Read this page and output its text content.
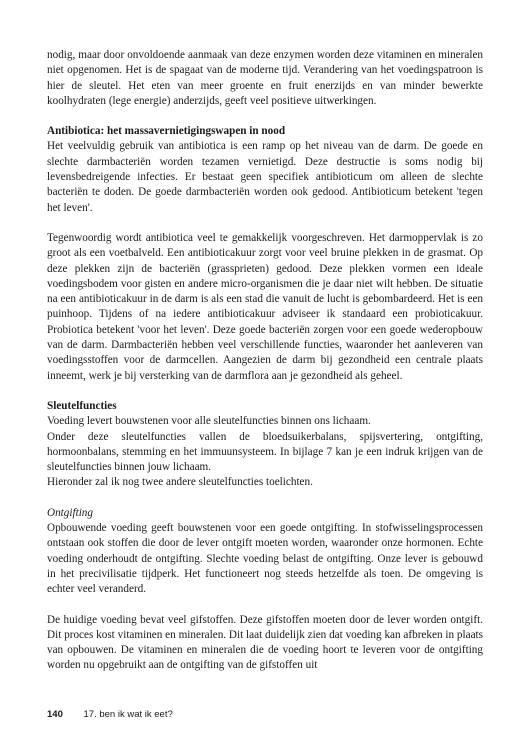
nodig, maar door onvoldoende aanmaak van deze enzymen worden deze vitaminen en mineralen niet opgenomen. Het is de spagaat van de moderne tijd. Verandering van het voedingspatroon is hier de sleutel. Het eten van meer groente en fruit enerzijds en van minder bewerkte koolhydraten (lege energie) anderzijds, geeft veel positieve uitwerkingen.

Antibiotica: het massavernietigingswapen in nood

Het veelvuldig gebruik van antibiotica is een ramp op het niveau van de darm. De goede en slechte darmbacteriën worden tezamen vernietigd. Deze destructie is soms nodig bij levensbedreigende infecties. Er bestaat geen specifiek antibioticum om alleen de slechte bacteriën te doden. De goede darmbacteriën worden ook gedood. Antibioticum betekent 'tegen het leven'.

Tegenwoordig wordt antibiotica veel te gemakkelijk voorgeschreven. Het darmoppervlak is zo groot als een voetbalveld. Een antibioticakuur zorgt voor veel bruine plekken in de grasmat. Op deze plekken zijn de bacteriën (grassprieten) gedood. Deze plekken vormen een ideale voedingsbodem voor gisten en andere micro-organismen die je daar niet wilt hebben. De situatie na een antibioticakuur in de darm is als een stad die vanuit de lucht is gebombardeerd. Het is een puinhoop. Tijdens of na iedere antibioticakuur adviseer ik standaard een probioticakuur. Probiotica betekent 'voor het leven'. Deze goede bacteriën zorgen voor een goede wederopbouw van de darm. Darmbacteriën hebben veel verschillende functies, waaronder het aanleveren van voedingsstoffen voor de darmcellen. Aangezien de darm bij gezondheid een centrale plaats inneemt, werk je bij versterking van de darmflora aan je gezondheid als geheel.

Sleutelfuncties

Voeding levert bouwstenen voor alle sleutelfuncties binnen ons lichaam.

Onder deze sleutelfuncties vallen de bloedsuikerbalans, spijsvertering, ontgifting, hormoonbalans, stemming en het immuunsysteem. In bijlage 7 kan je een indruk krijgen van de sleutelfuncties binnen jouw lichaam.

Hieronder zal ik nog twee andere sleutelfuncties toelichten.

Ontgifting

Opbouwende voeding geeft bouwstenen voor een goede ontgifting. In stofwisselingsprocessen ontstaan ook stoffen die door de lever ontgift moeten worden, waaronder onze hormonen. Echte voeding onderhoudt de ontgifting. Slechte voeding belast de ontgifting. Onze lever is gebouwd in het precivilisatie tijdperk. Het functioneert nog steeds hetzelfde als toen. De omgeving is echter veel veranderd.

De huidige voeding bevat veel gifstoffen. Deze gifstoffen moeten door de lever worden ontgift. Dit proces kost vitaminen en mineralen. Dit laat duidelijk zien dat voeding kan afbreken in plaats van opbouwen. De vitaminen en mineralen die de voeding hoort te leveren voor de ontgifting worden nu opgebruikt aan de ontgifting van de gifstoffen uit

140 17. ben ik wat ik eet?
